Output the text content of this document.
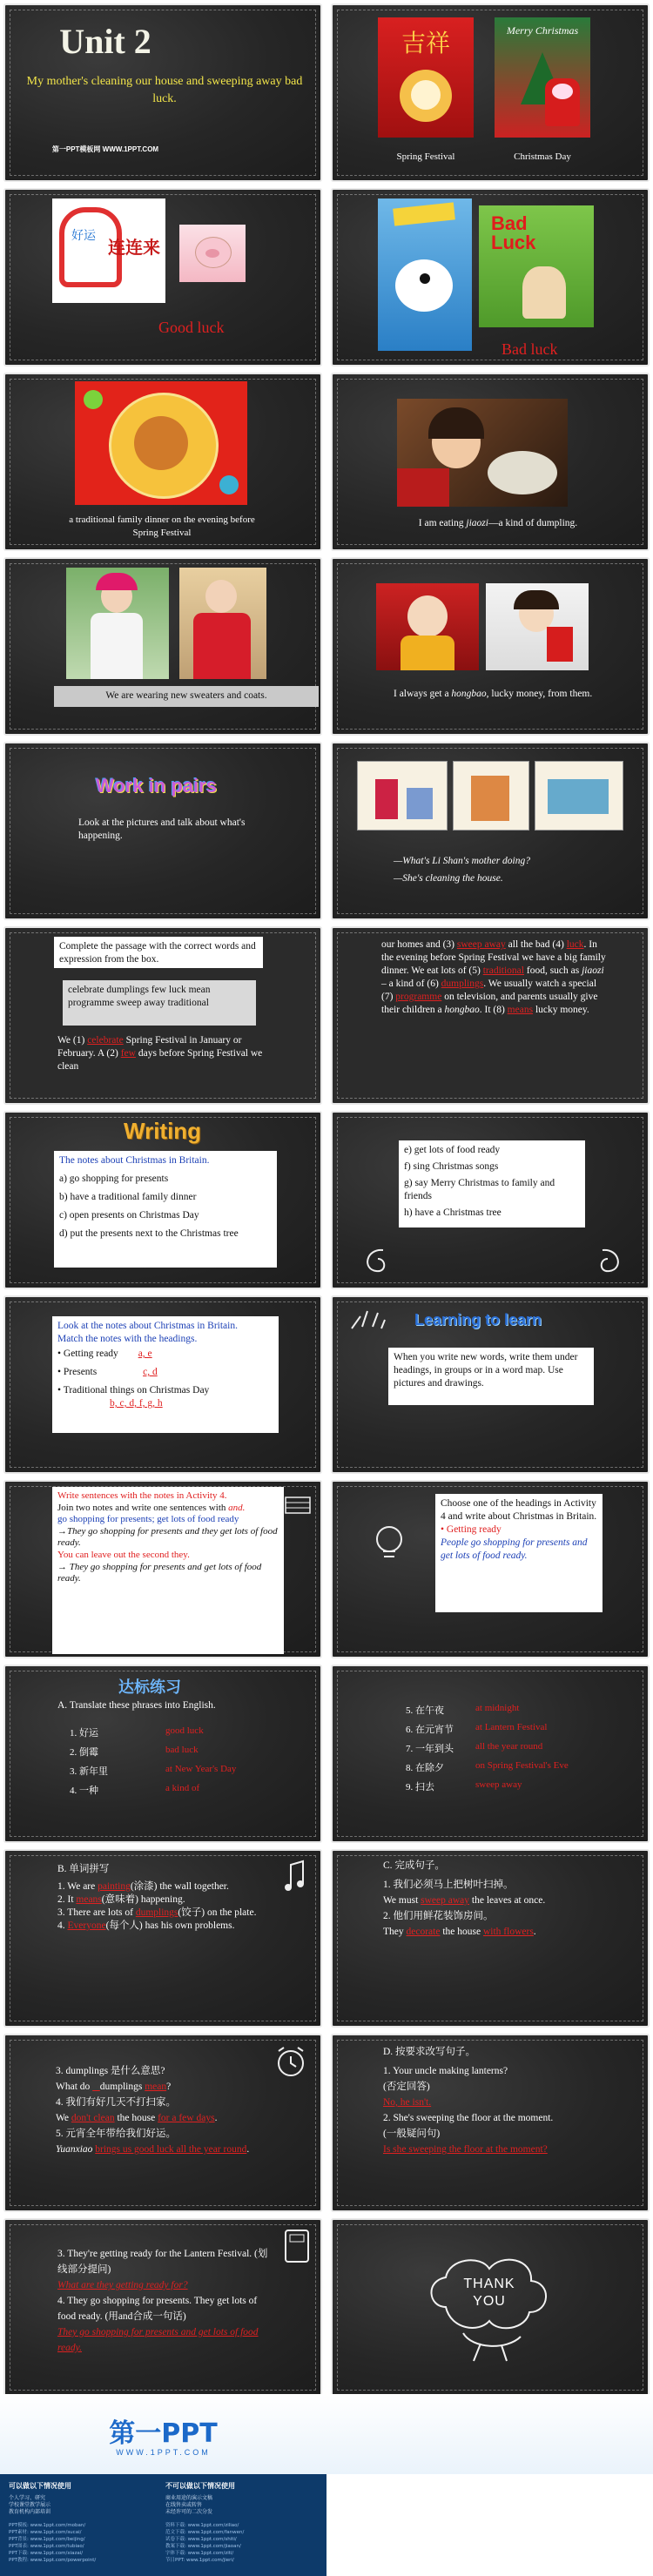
Unit 2
My mother's cleaning our house and sweeping away bad luck.
第一PPT模板网 WWW.1PPT.COM
吉祥	Merry Christmas
Spring Festival	Christmas Day
好运
连连来
Good luck
Bad Luck
Bad luck
a traditional family dinner on the evening before Spring Festival
I am eating jiaozi—a kind of dumpling.
We are wearing new sweaters and coats.	I always get a hongbao, lucky money, from them.
Work in pairs
Look at the pictures and talk about what's happening.
—What's Li Shan's mother doing?
—She's cleaning the house.
Complete the passage with the correct words and expression from the box.
celebrate dumplings few luck mean programme sweep away traditional
We (1) celebrate Spring Festival in January or February. A (2) few days before Spring Festival we clean
our homes and (3) sweep away all the bad (4) luck. In the evening before Spring Festival we have a big family dinner. We eat lots of (5) traditional food, such as jiaozi – a kind of (6) dumplings. We usually watch a special (7) programme on television, and parents usually give their children a hongbao. It (8) means lucky money.
Writing
The notes about Christmas in Britain.
a) go shopping for presents
b) have a traditional family dinner
c) open presents on Christmas Day
d) put the presents next to the Christmas tree
e) get lots of food ready
f) sing Christmas songs
g) say Merry Christmas to family and friends
h) have a Christmas tree
Look at the notes about Christmas in Britain.
Match the notes with the headings.
• Getting ready a, e
• Presents	c, d
• Traditional things on Christmas Day
b, c, d, f, g, h
Learning to learn
When you write new words, write them under headings, in groups or in a word map. Use pictures and drawings.
Write sentences with the notes in Activity 4.
Join two notes and write one sentences with and.
go shopping for presents; get lots of food ready
→They go shopping for presents and they get lots of food ready.
You can leave out the second they.
→ They go shopping for presents and get lots of food ready.
Choose one of the headings in Activity 4 and write about Christmas in Britain.
• Getting ready
People go shopping for presents and get lots of food ready.
达标练习
A. Translate these phrases into English.
1. 好运	good luck
2. 倒霉	bad luck
3. 新年里	at New Year's Day
4. 一种	a kind of
5. 在午夜	at midnight
6. 在元宵节 at Lantern Festival
7. 一年到头 all the year round
8. 在除夕	on Spring Festival's Eve
9. 扫去	sweep away
B. 单词拼写
1. We are painting(涂漆) the wall together.
2. It means(意味着) happening.
3. There are lots of dumplings(饺子) on the plate.
4. Everyone(每个人) has his own problems.
C. 完成句子。
1. 我们必须马上把树叶扫掉。
We must sweep away the leaves at once.
2. 他们用鲜花装饰房间。
They decorate the house with flowers.
3. dumplings 是什么意思?
What do    dumplings mean?
4. 我们有好几天不打扫家。
We don't clean the house for a few days.
5. 元宵全年带给我们好运。
Yuanxiao brings us good luck all the year round.
D. 按要求改写句子。
1. Your uncle making lanterns?
(否定回答)
No, he isn't.
2. She's sweeping the floor at the moment.
(一般疑问句)
Is she sweeping the floor at the moment?
3. They're getting ready for the Lantern Festival. (划线部分提问)
What are they getting ready for?
4. They go shopping for presents. They get lots of food ready. (用and合成一句话)
They go shopping for presents and get lots of food ready.
THANK YOU
第一PPT
WWW.1PPT.COM
可以做以下情况使用
个人学习、研究
学校课堂教学展示
教育机构内部培训
不可以做以下情况使用
商业用途的演示文稿
在线售卖或转售
未经许可的二次分发
PPT模板: www.1ppt.com/moban/
PPT素材: www.1ppt.com/sucai/
PPT背景: www.1ppt.com/beijing/
PPT图表: www.1ppt.com/tubiao/
PPT下载: www.1ppt.com/xiazai/
PPT教程: www.1ppt.com/powerpoint/
资料下载: www.1ppt.com/ziliao/
范文下载: www.1ppt.com/fanwen/
试卷下载: www.1ppt.com/shiti/
教案下载: www.1ppt.com/jiaoan/
字体下载: www.1ppt.com/ziti/
节日PPT: www.1ppt.com/jieri/
